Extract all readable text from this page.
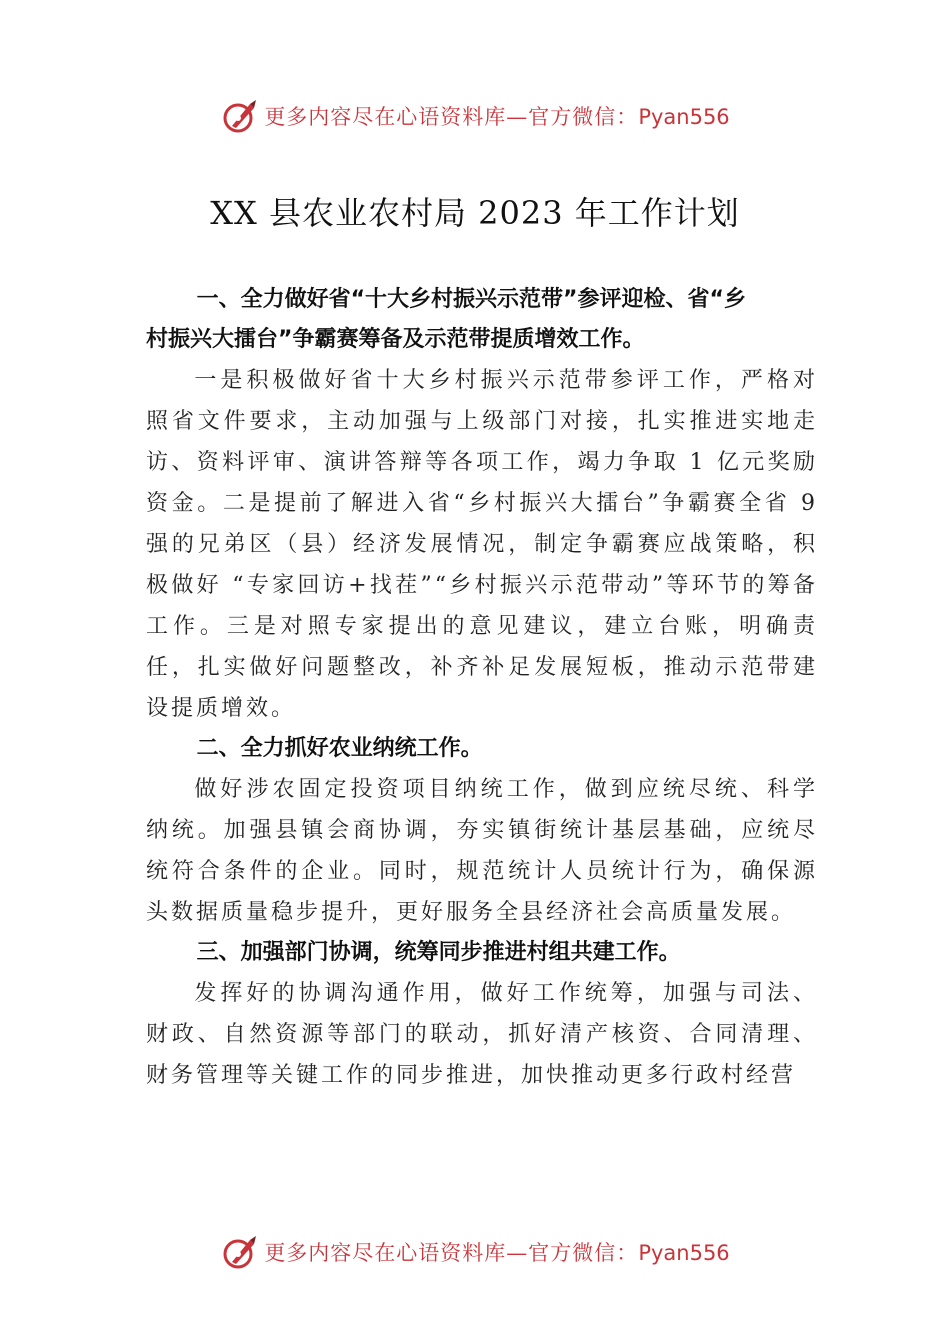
更多内容尽在心语资料库—官方微信：Pyan556
XX 县农业农村局 2023 年工作计划

一、全力做好省“十大乡村振兴示范带”参评迎检、省“乡村振兴大擂台”争霸赛筹备及示范带提质增效工作。

一是积极做好省十大乡村振兴示范带参评工作，严格对照省文件要求，主动加强与上级部门对接，扎实推进实地走访、资料评审、演讲答辩等各项工作，竭力争取 1 亿元奖励资金。二是提前了解进入省“乡村振兴大擂台”争霸赛全省 9 强的兄弟区（县）经济发展情况，制定争霸赛应战策略，积极做好 “专家回访+找茬”“乡村振兴示范带动”等环节的筹备工作。三是对照专家提出的意见建议，建立台账，明确责任，扎实做好问题整改，补齐补足发展短板，推动示范带建设提质增效。

二、全力抓好农业纳统工作。

做好涉农固定投资项目纳统工作，做到应统尽统、科学纳统。加强县镇会商协调，夯实镇街统计基层基础，应统尽统符合条件的企业。同时，规范统计人员统计行为，确保源头数据质量稳步提升，更好服务全县经济社会高质量发展。

三、加强部门协调，统筹同步推进村组共建工作。

发挥好的协调沟通作用，做好工作统筹，加强与司法、财政、自然资源等部门的联动，抓好清产核资、合同清理、 财务管理等关键工作的同步推进，加快推动更多行政村经营

更多内容尽在心语资料库—官方微信：Pyan556
